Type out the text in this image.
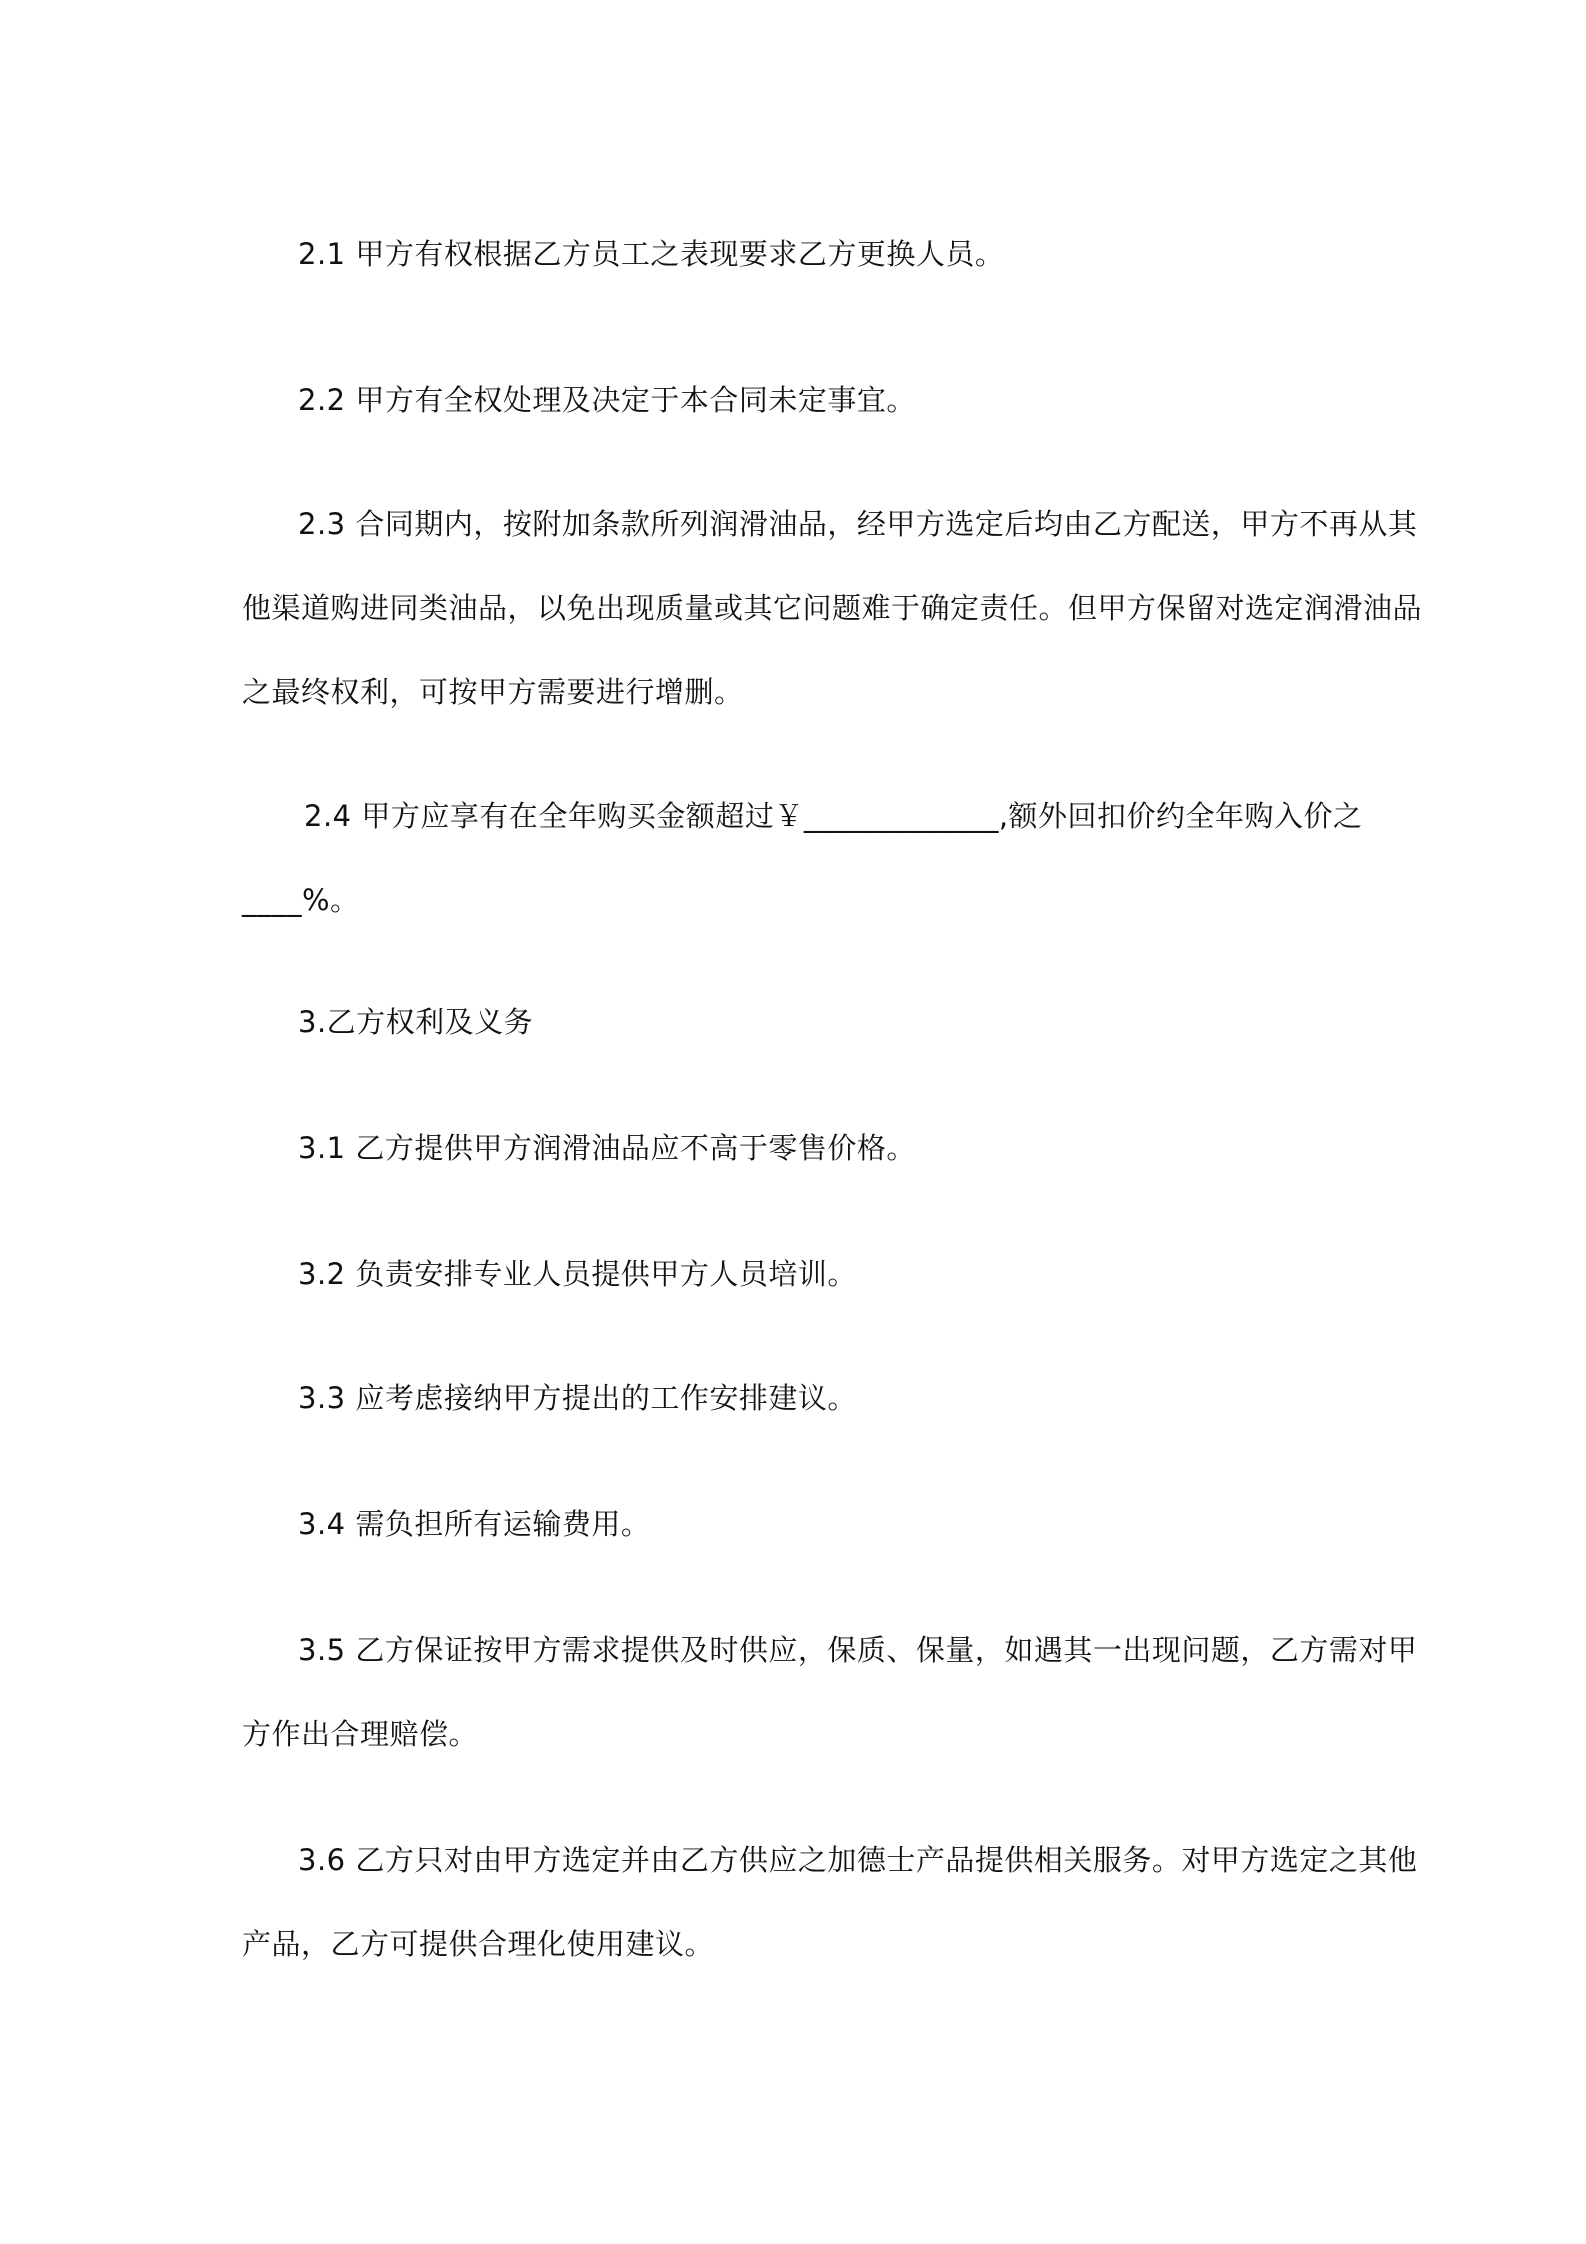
2.1 甲方有权根据乙方员工之表现要求乙方更换人员。
2.2 甲方有全权处理及决定于本合同未定事宜。
2.3 合同期内，按附加条款所列润滑油品，经甲方选定后均由乙方配送，甲方不再从其
他渠道购进同类油品，以免出现质量或其它问题难于确定责任。但甲方保留对选定润滑油品
之最终权利，可按甲方需要进行增删。
2.4 甲方应享有在全年购买金额超过￥_____________,额外回扣价约全年购入价之
____%。
3.乙方权利及义务
3.1 乙方提供甲方润滑油品应不高于零售价格。
3.2 负责安排专业人员提供甲方人员培训。
3.3 应考虑接纳甲方提出的工作安排建议。
3.4 需负担所有运输费用。
3.5 乙方保证按甲方需求提供及时供应，保质、保量，如遇其一出现问题，乙方需对甲
方作出合理赔偿。
3.6 乙方只对由甲方选定并由乙方供应之加德士产品提供相关服务。对甲方选定之其他
产品，乙方可提供合理化使用建议。
